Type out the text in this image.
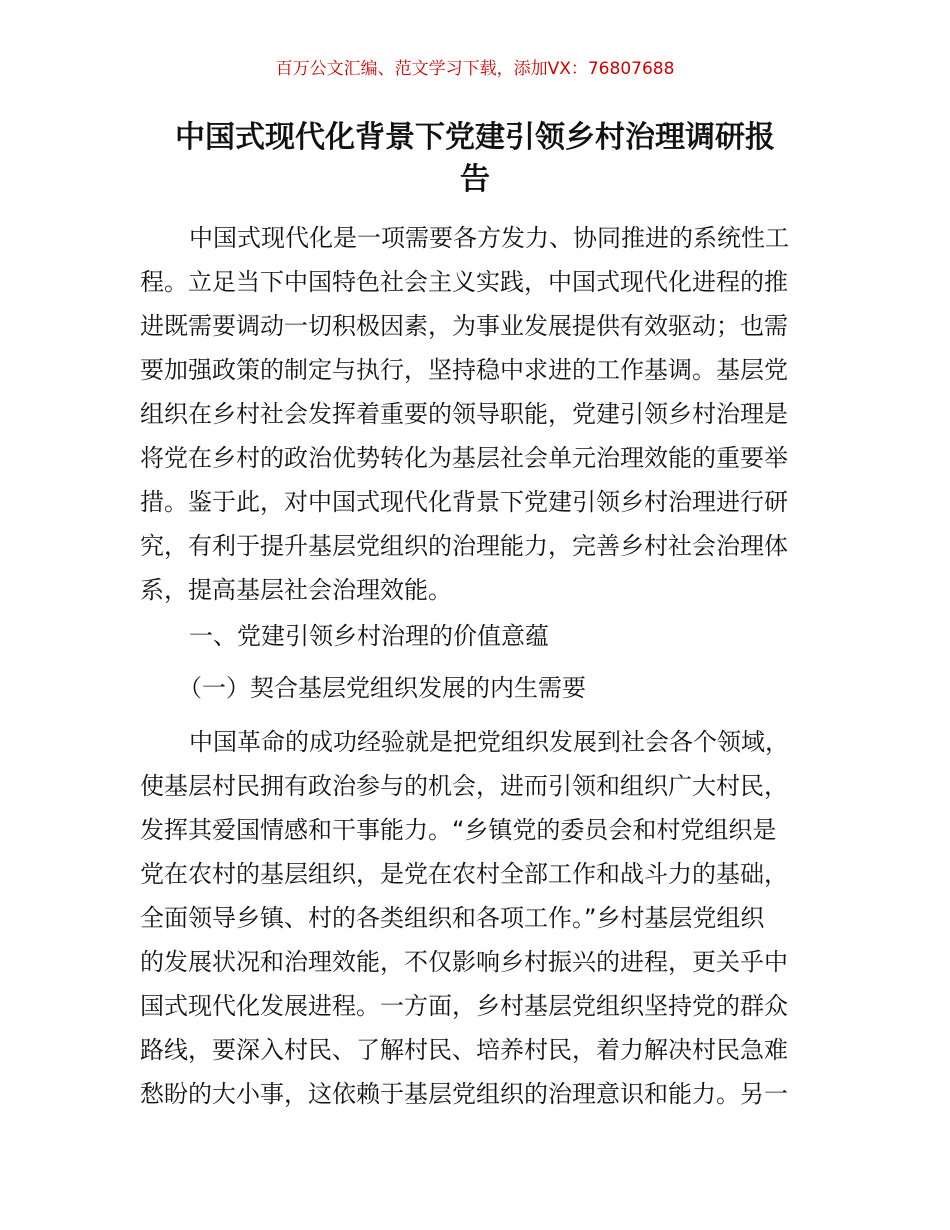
百万公文汇编、范文学习下载，添加VX：76807688
中国式现代化背景下党建引领乡村治理调研报
告
中国式现代化是一项需要各方发力、协同推进的系统性工
程。立足当下中国特色社会主义实践，中国式现代化进程的推
进既需要调动一切积极因素，为事业发展提供有效驱动；也需
要加强政策的制定与执行，坚持稳中求进的工作基调。基层党
组织在乡村社会发挥着重要的领导职能，党建引领乡村治理是
将党在乡村的政治优势转化为基层社会单元治理效能的重要举
措。鉴于此，对中国式现代化背景下党建引领乡村治理进行研
究，有利于提升基层党组织的治理能力，完善乡村社会治理体
系，提高基层社会治理效能。
一、党建引领乡村治理的价值意蕴
（一）契合基层党组织发展的内生需要
中国革命的成功经验就是把党组织发展到社会各个领域，
使基层村民拥有政治参与的机会，进而引领和组织广大村民，
发挥其爱国情感和干事能力。“乡镇党的委员会和村党组织是
党在农村的基层组织，是党在农村全部工作和战斗力的基础，
全面领导乡镇、村的各类组织和各项工作。”乡村基层党组织
的发展状况和治理效能，不仅影响乡村振兴的进程，更关乎中
国式现代化发展进程。一方面，乡村基层党组织坚持党的群众
路线，要深入村民、了解村民、培养村民，着力解决村民急难
愁盼的大小事，这依赖于基层党组织的治理意识和能力。另一
